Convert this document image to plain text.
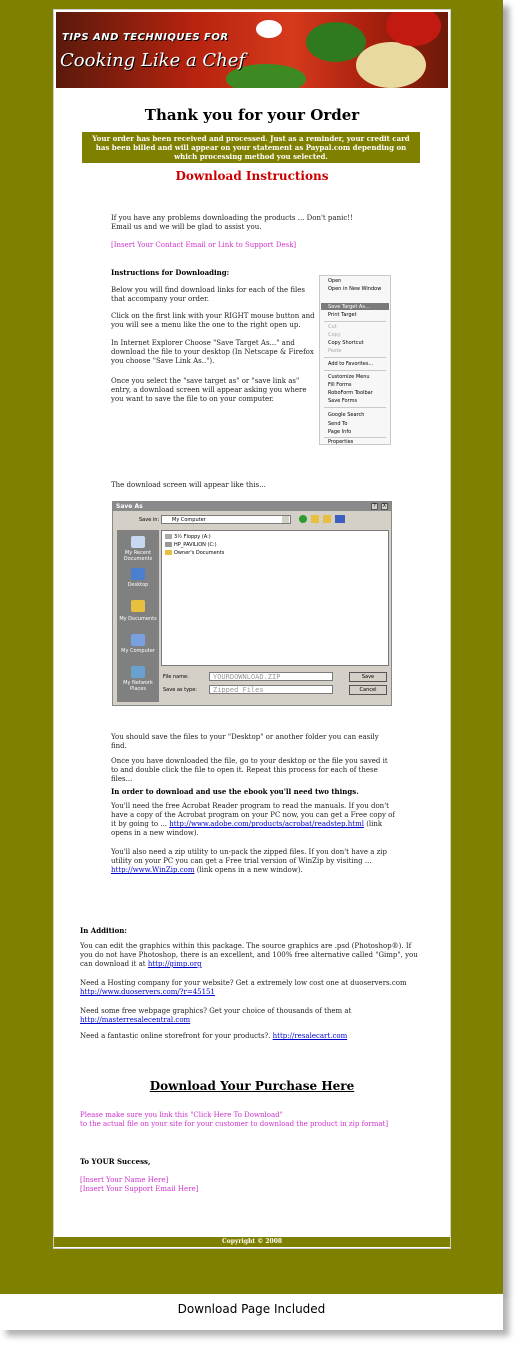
Download Page Included
TIPS AND TECHNIQUES FOR
Cooking Like a Chef
Thank you for your Order
Your order has been received and processed. Just as a reminder, your credit card has been billed and will appear on your statement as Paypal.com depending on which processing method you selected.
Download Instructions
If you have any problems downloading the products ... Don't panic!!
Email us and we will be glad to assist you.
[Insert Your Contact Email or Link to Support Desk]
Instructions for Downloading:
Below you will find download links for each of the files that accompany your order.
Click on the first link with your RIGHT mouse button and you will see a menu like the one to the right open up.
In Internet Explorer Choose "Save Target As..." and download the file to your desktop (In Netscape & Firefox you choose "Save Link As..").
Once you select the "save target as" or "save link as" entry, a download screen will appear asking you where you want to save the file to on your computer.
Open
Open in New Window
Save Target As...
Print Target
Cut
Copy
Copy Shortcut
Paste
Add to Favorites...
Customize Menu
Fill Forms
RoboForm Toolbar
Save Forms
Google Search
Send To
Page Info
Properties
The download screen will appear like this...
Save As	?	X
Save in:	My Computer
My Recent Documents
Desktop
My Documents
My Computer
My Network Places
3½ Floppy (A:)
HP_PAVILION (C:)
Owner's Documents
File name:	YOURDOWNLOAD.ZIP
Save as type: Zipped Files
Save
Cancel
You should save the files to your "Desktop" or another folder you can easily find.
Once you have downloaded the file, go to your desktop or the file you saved it to and double click the file to open it. Repeat this process for each of these files...
In order to download and use the ebook you'll need two things.
You'll need the free Acrobat Reader program to read the manuals. If you don't have a copy of the Acrobat program on your PC now, you can get a Free copy of it by going to ... http://www.adobe.com/products/acrobat/readstep.html (link opens in a new window).
You'll also need a zip utility to un-pack the zipped files. If you don't have a zip utility on your PC you can get a Free trial version of WinZip by visiting ... http://www.WinZip.com (link opens in a new window).
In Addition:
You can edit the graphics within this package. The source graphics are .psd (Photoshop®). If you do not have Photoshop, there is an excellent, and 100% free alternative called "Gimp", you can download it at http://gimp.org
Need a Hosting company for your website? Get a extremely low cost one at duoservers.com
http://www.duoservers.com/?r=45151
Need some free webpage graphics? Get your choice of thousands of them at
http://masterresalecentral.com
Need a fantastic online storefront for your products?. http://resalecart.com
Download Your Purchase Here
Please make sure you link this "Click Here To Download"
to the actual file on your site for your customer to download the product in zip format]
To YOUR Success,
[Insert Your Name Here]
[Insert Your Support Email Here]
Copyright © 2008
